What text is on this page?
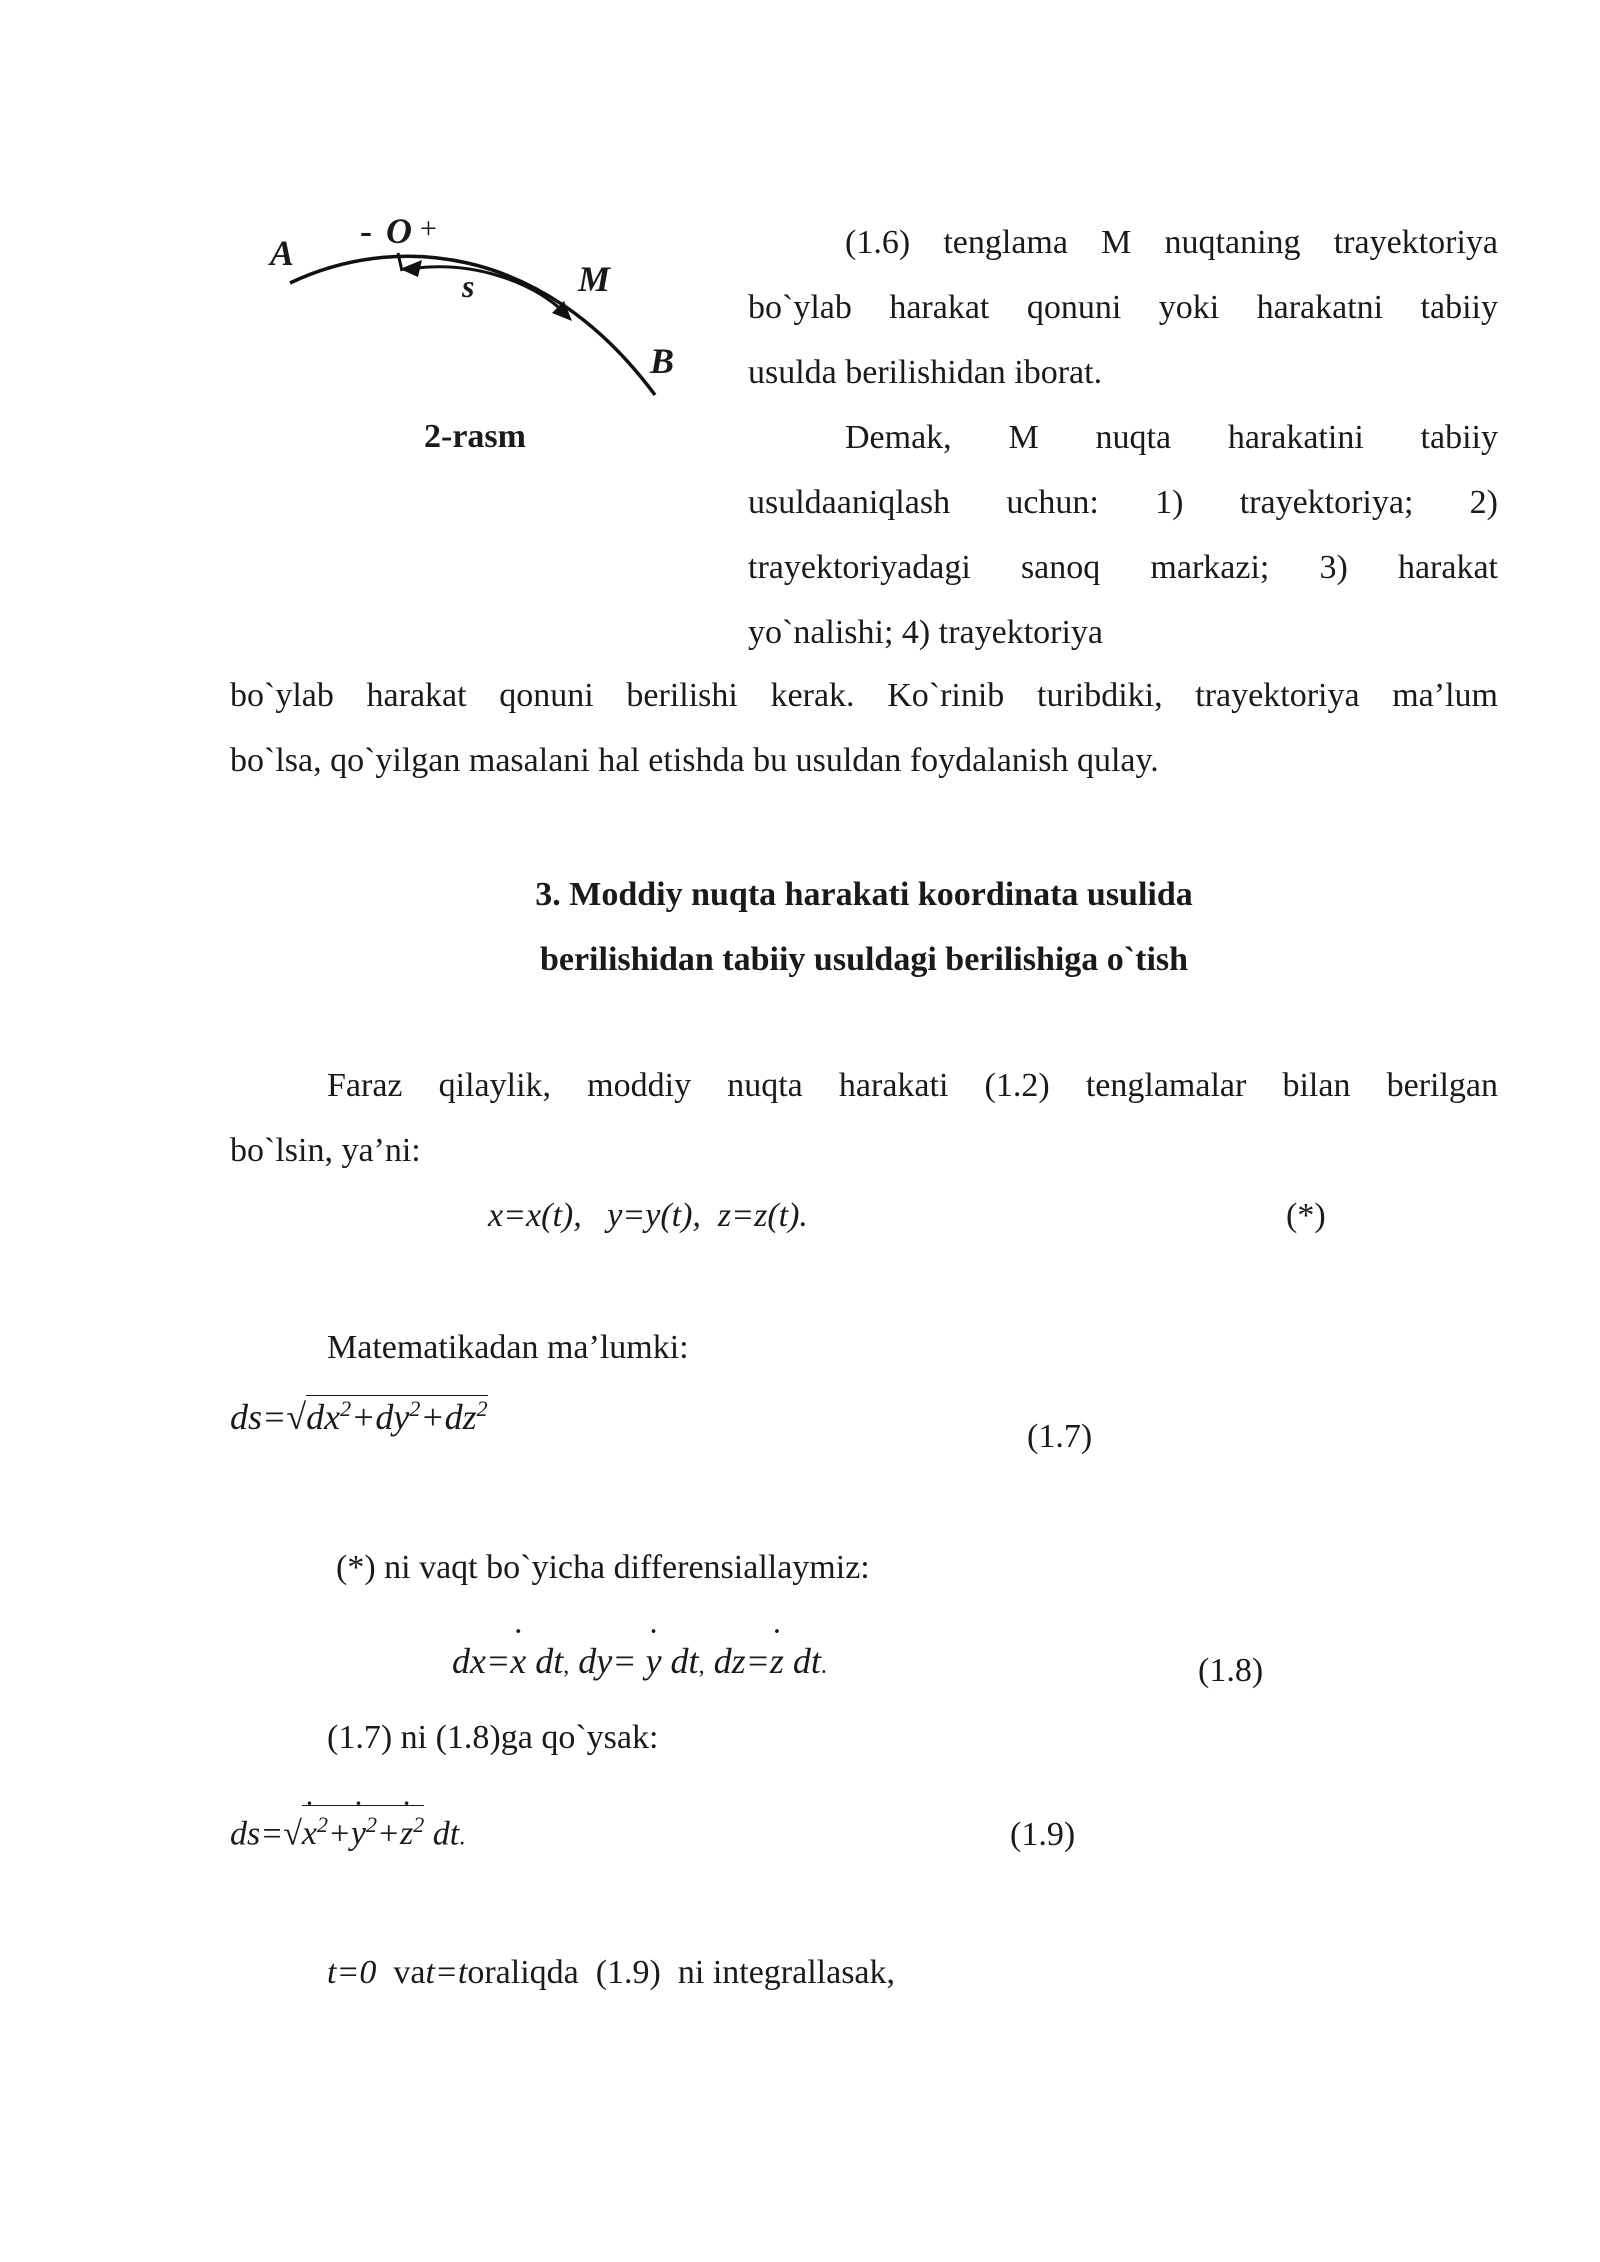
A
- O +
s	M
B
2-rasm
(1.6) tenglama M nuqtaning trayektoriya
bo`ylab harakat qonuni yoki harakatni tabiiy
usulda berilishidan iborat.
Demak, M nuqta harakatini tabiiy
usuldaaniqlash uchun: 1) trayektoriya; 2)
trayektoriyadagi sanoq markazi; 3) harakat
yo`nalishi; 4) trayektoriya
bo`ylab harakat qonuni berilishi kerak. Ko`rinib turibdiki, trayektoriya ma’lum
bo`lsa, qo`yilgan masalani hal etishda bu usuldan foydalanish qulay.
3. Moddiy nuqta harakati koordinata usulida
berilishidan tabiiy usuldagi berilishiga o`tish
Faraz qilaylik, moddiy nuqta harakati (1.2) tenglamalar bilan berilgan
bo`lsin, ya’ni:
x=x(t),   y=y(t),  z=z(t).	(*)
Matematikadan ma’lumki:
$ds=√dx^2+dy^2+dz^2$
(1.7)
(*) ni vaqt bo`yicha differensiallaymiz:
dx=x ˙ dt, dy= y ˙ dt, dz=z ˙ dt.	(1.8)
(1.7) ni (1.8)ga qo`ysak:
ds=√x ˙$^2$+y ˙$^2$+z ˙$^2$ dt.	(1.9)
t=0  vat=toraliqda  (1.9)  ni integrallasak,
